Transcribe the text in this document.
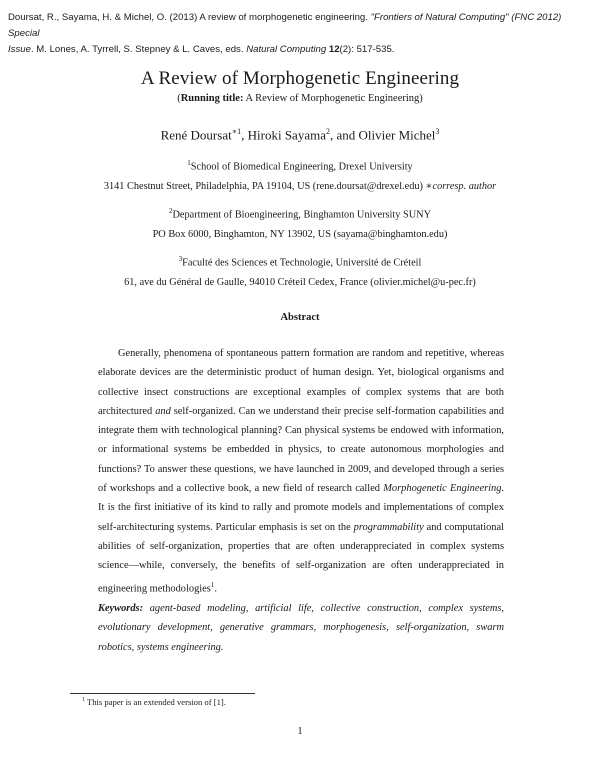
Doursat, R., Sayama, H. & Michel, O. (2013) A review of morphogenetic engineering. "Frontiers of Natural Computing" (FNC 2012) Special
Issue. M. Lones, A. Tyrrell, S. Stepney & L. Caves, eds. Natural Computing 12(2): 517-535.
A Review of Morphogenetic Engineering
(Running title: A Review of Morphogenetic Engineering)
René Doursat$^{∗1}$, Hiroki Sayama$^2$, and Olivier Michel$^3$
$^1$School of Biomedical Engineering, Drexel University
3141 Chestnut Street, Philadelphia, PA 19104, US (rene.doursat@drexel.edu) ∗corresp. author
$^2$Department of Bioengineering, Binghamton University SUNY
PO Box 6000, Binghamton, NY 13902, US (sayama@binghamton.edu)
$^3$Faculté des Sciences et Technologie, Université de Créteil
61, ave du Général de Gaulle, 94010 Créteil Cedex, France (olivier.michel@u-pec.fr)
Abstract
Generally, phenomena of spontaneous pattern formation are random and repetitive, whereas elaborate devices are the deterministic product of human design. Yet, biological organisms and collective insect constructions are exceptional examples of complex systems that are both architectured and self-organized. Can we understand their precise self-formation capabilities and integrate them with technological planning? Can physical systems be endowed with information, or informational systems be embedded in physics, to create autonomous morphologies and functions? To answer these questions, we have launched in 2009, and developed through a series of workshops and a collective book, a new field of research called Morphogenetic Engineering. It is the first initiative of its kind to rally and promote models and implementations of complex self-architecturing systems. Particular emphasis is set on the programmability and computational abilities of self-organization, properties that are often underappreciated in complex systems science—while, conversely, the benefits of self-organization are often underappreciated in engineering methodologies$^1$.
Keywords: agent-based modeling, artificial life, collective construction, complex systems, evolutionary development, generative grammars, morphogenesis, self-organization, swarm robotics, systems engineering.
$^1$ This paper is an extended version of [1].
1
